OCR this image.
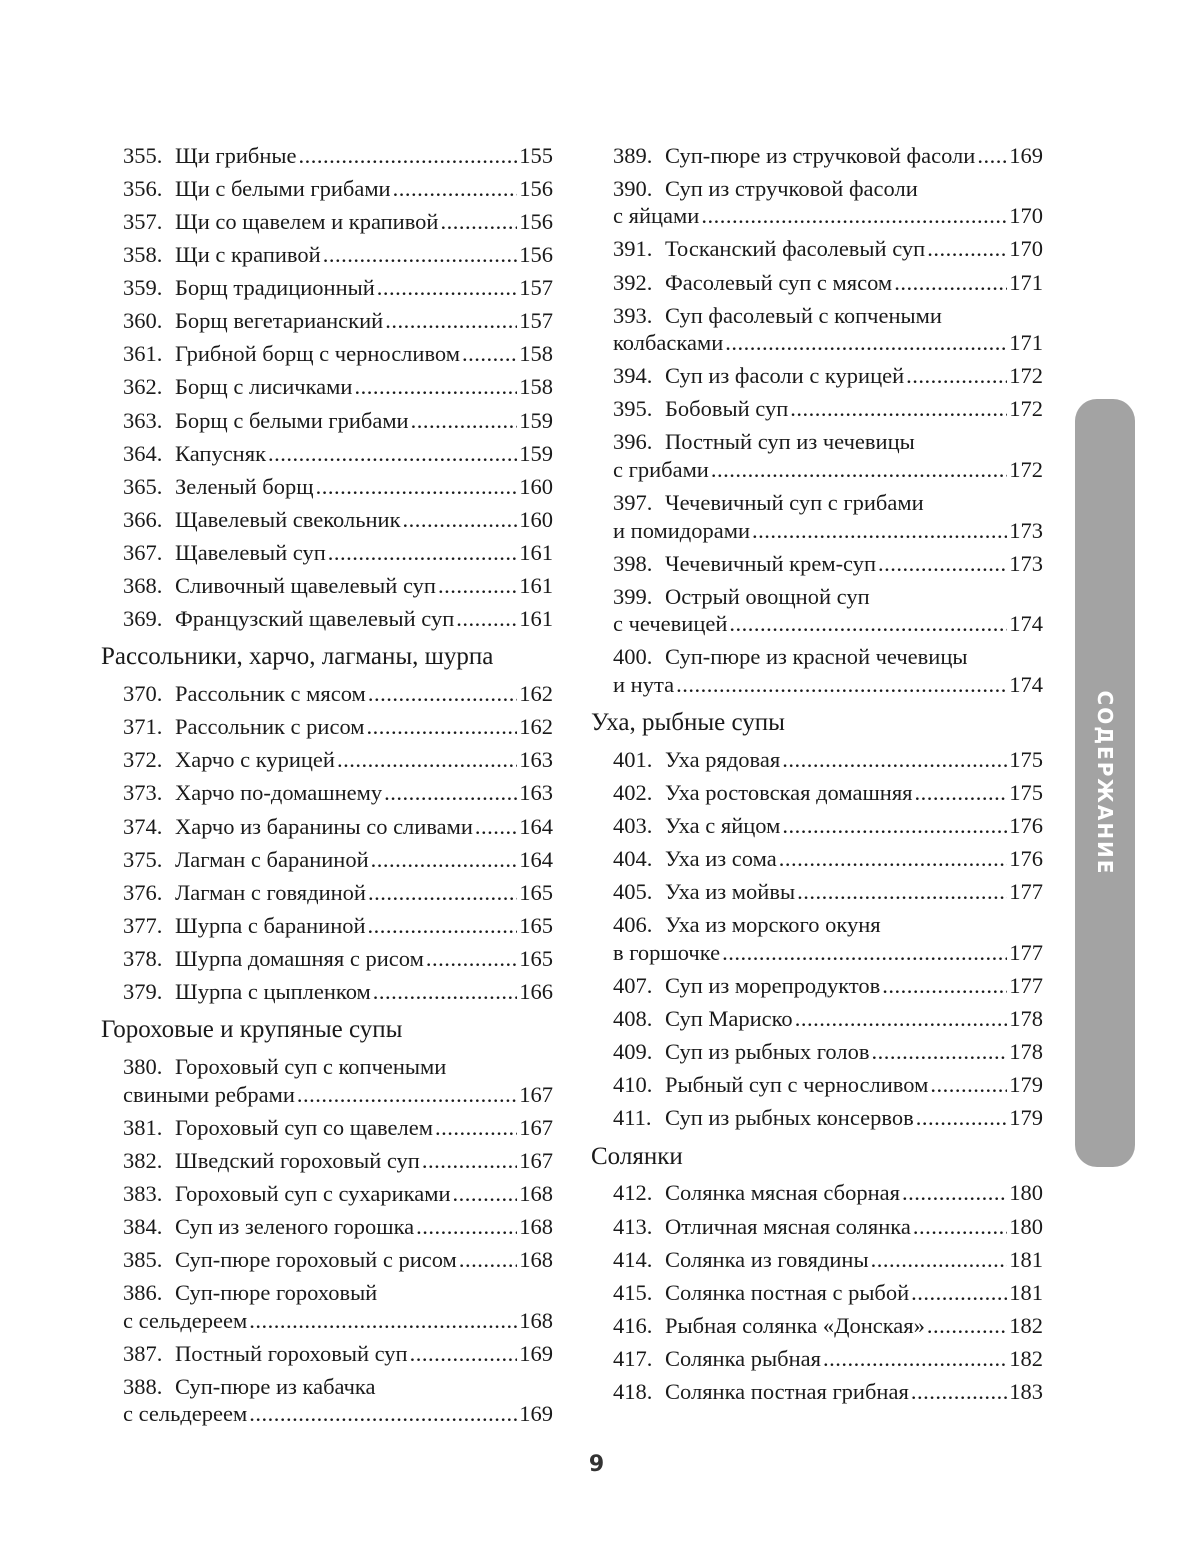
355. Щи грибные .....	155
356. Щи с белыми грибами .....	156
357. Щи со щавелем и крапивой .....	156
358. Щи с крапивой .....	156
359. Борщ традиционный .....	157
360. Борщ вегетарианский .....	157
361. Грибной борщ с черносливом .....	158
362. Борщ с лисичками .....	158
363. Борщ с белыми грибами .....	159
364. Капусняк .....	159
365. Зеленый борщ .....	160
366. Щавелевый свекольник .....	160
367. Щавелевый суп .....	161
368. Сливочный щавелевый суп .....	161
369. Французский щавелевый суп .....	161
Рассольники, харчо, лагманы, шурпа
370. Рассольник с мясом .....	162
371. Рассольник с рисом .....	162
372. Харчо с курицей .....	163
373. Харчо по-домашнему .....	163
374. Харчо из баранины со сливами ..... 164
375. Лагман с бараниной .....	164
376. Лагман с говядиной .....	165
377. Шурпа с бараниной .....	165
378. Шурпа домашняя с рисом .....	165
379. Шурпа с цыпленком .....	166
Гороховые и крупяные супы
380. Гороховый суп с копчеными
свиными ребрами .....	167
381. Гороховый суп со щавелем .....	167
382. Шведский гороховый суп .....	167
383. Гороховый суп с сухариками .....	168
384. Суп из зеленого горошка .....	168
385. Суп-пюре гороховый с рисом .....	168
386. Суп-пюре гороховый
с сельдереем .....	168
387. Постный гороховый суп .....	169
388. Суп-пюре из кабачка
с сельдереем .....	169
389. Суп-пюре из стручковой фасоли ..... 169
390. Суп из стручковой фасоли
с яйцами .....	170
391. Тосканский фасолевый суп .....	170
392. Фасолевый суп с мясом .....	171
393. Суп фасолевый с копчеными
колбасками .....	171
394. Суп из фасоли с курицей .....	172
395. Бобовый суп .....	172
396. Постный суп из чечевицы
с грибами .....	172
397. Чечевичный суп с грибами
и помидорами .....	173
398. Чечевичный крем-суп .....	173
399. Острый овощной суп
с чечевицей .....	174
400. Суп-пюре из красной чечевицы
и нута .....	174
Уха, рыбные супы
401. Уха рядовая .....	175
402. Уха ростовская домашняя .....	175
403. Уха с яйцом .....	176
404. Уха из сома .....	176
405. Уха из мойвы .....	177
406. Уха из морского окуня
в горшочке .....	177
407. Суп из морепродуктов .....	177
408. Суп Мариско .....	178
409. Суп из рыбных голов .....	178
410. Рыбный суп с черносливом .....	179
411. Суп из рыбных консервов .....	179
Солянки
412. Солянка мясная сборная .....	180
413. Отличная мясная солянка .....	180
414. Солянка из говядины .....	181
415. Солянка постная с рыбой .....	181
416. Рыбная солянка «Донская» .....	182
417. Солянка рыбная .....	182
418. Солянка постная грибная .....	183
СОДЕРЖАНИЕ
9
